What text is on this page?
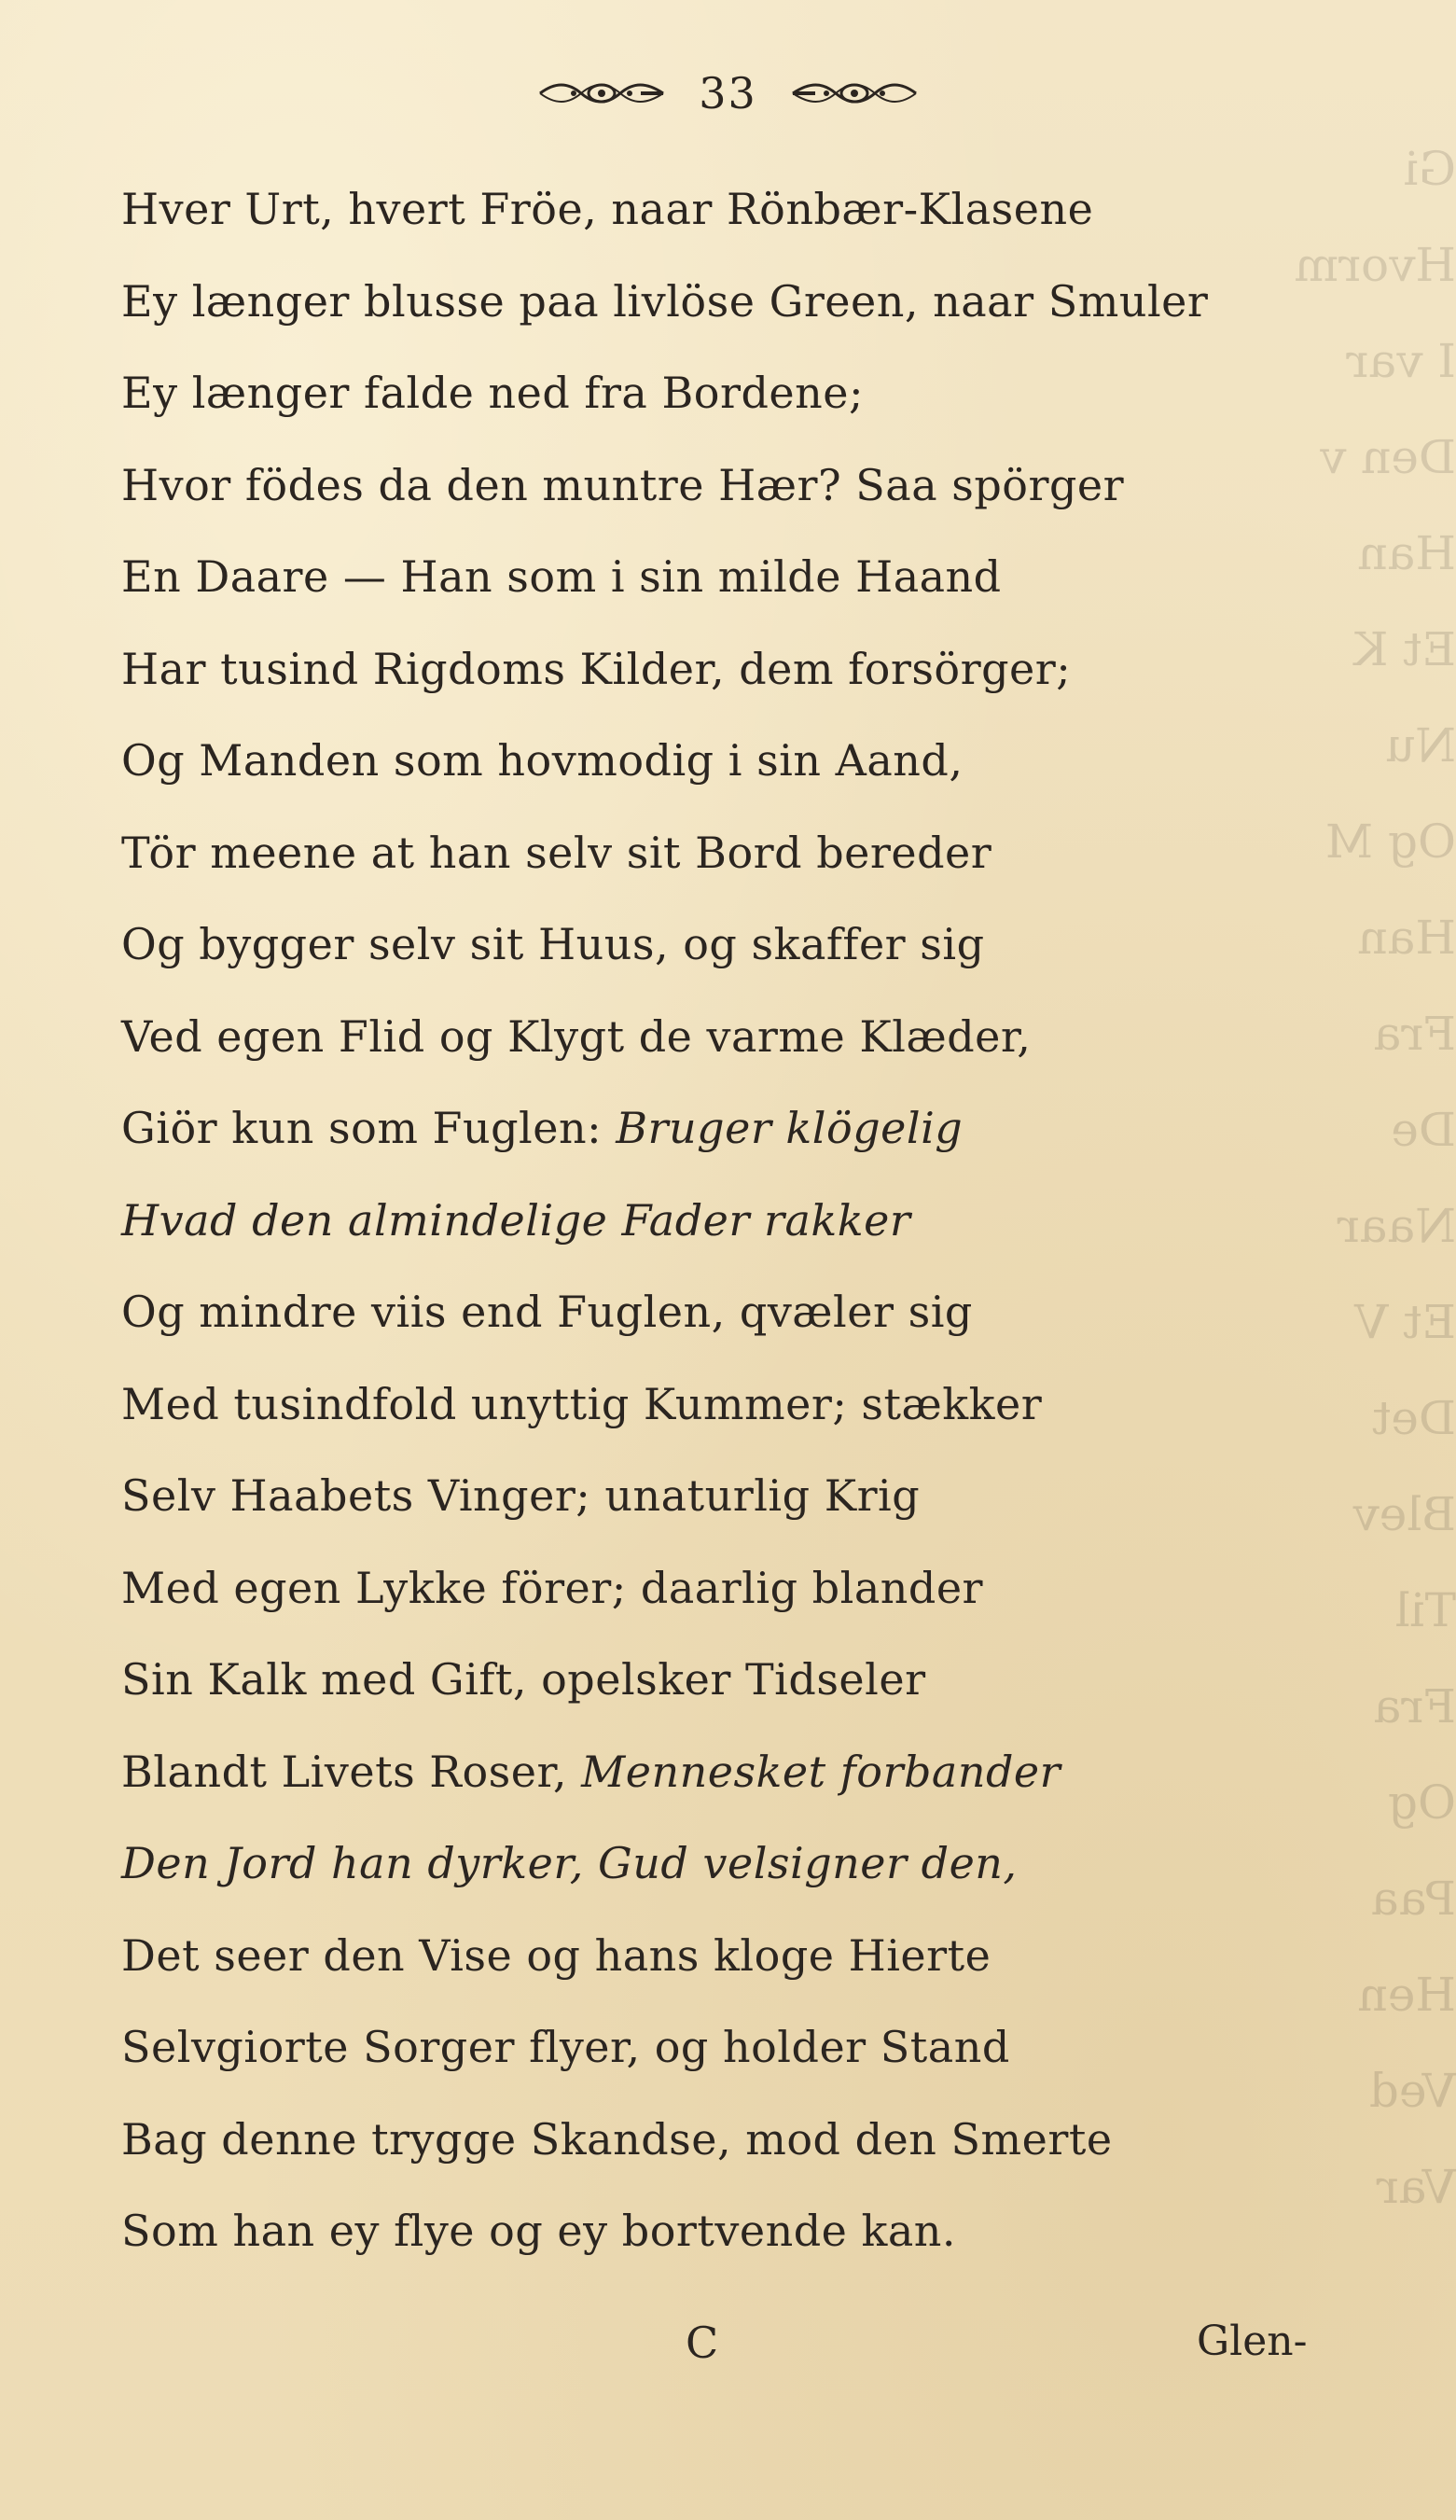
Gi
Hvorm
I var
Den v
Han
Et K
Nu
Og M
Han
Fra
De
Naar
Et V
Det
Blev
Til
Fra
Og
Paa
Hen
Ved
Var
33
Hver Urt, hvert Fröe, naar Rönbær-Klasene
Ey længer blusse paa livlöse Green, naar Smuler
Ey længer falde ned fra Bordene;
Hvor födes da den muntre Hær? Saa spörger
En Daare — Han som i sin milde Haand
Har tusind Rigdoms Kilder, dem forsörger;
Og Manden som hovmodig i sin Aand,
Tör meene at han selv sit Bord bereder
Og bygger selv sit Huus, og skaffer sig
Ved egen Flid og Klygt de varme Klæder,
Giör kun som Fuglen: Bruger klögelig
Hvad den almindelige Fader rakker
Og mindre viis end Fuglen, qvæler sig
Med tusindfold unyttig Kummer; stækker
Selv Haabets Vinger; unaturlig Krig
Med egen Lykke förer; daarlig blander
Sin Kalk med Gift, opelsker Tidseler
Blandt Livets Roser, Mennesket forbander
Den Jord han dyrker, Gud velsigner den,
Det seer den Vise og hans kloge Hierte
Selvgiorte Sorger flyer, og holder Stand
Bag denne trygge Skandse, mod den Smerte
Som han ey flye og ey bortvende kan.
C	Glen-
